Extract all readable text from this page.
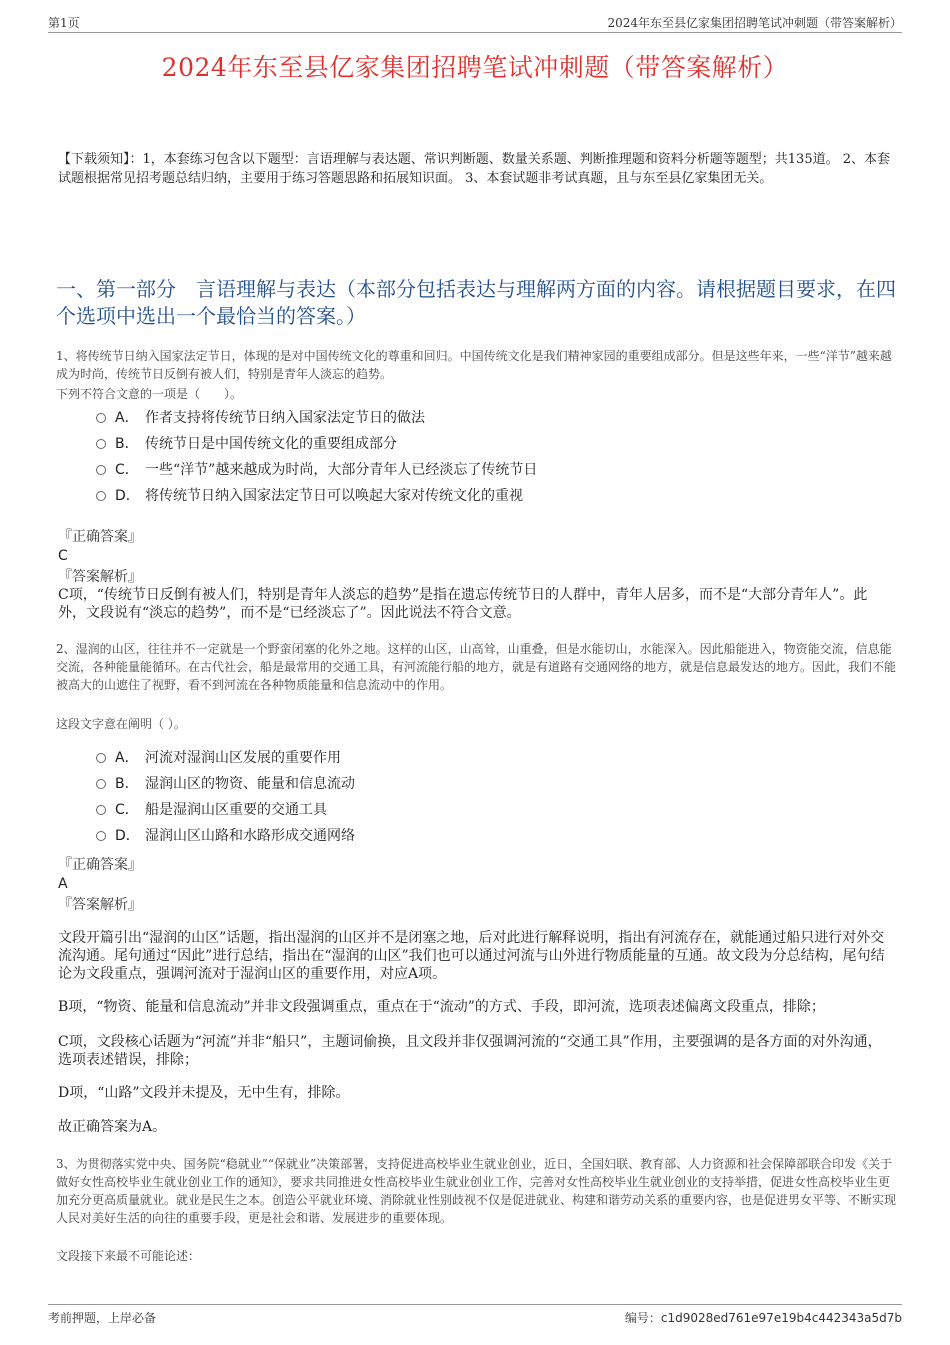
第1页	2024年东至县亿家集团招聘笔试冲刺题（带答案解析）
2024年东至县亿家集团招聘笔试冲刺题（带答案解析）
【下载须知】：1，本套练习包含以下题型：言语理解与表达题、常识判断题、数量关系题、判断推理题和资料分析题等题型；共135道。 2、本套试题根据常见招考题总结归纳，主要用于练习答题思路和拓展知识面。 3、本套试题非考试真题，且与东至县亿家集团无关。
一、第一部分　言语理解与表达（本部分包括表达与理解两方面的内容。请根据题目要求，在四个选项中选出一个最恰当的答案。）
1、将传统节日纳入国家法定节日，体现的是对中国传统文化的尊重和回归。中国传统文化是我们精神家园的重要组成部分。但是这些年来，一些“洋节”越来越成为时尚，传统节日反倒有被人们，特别是青年人淡忘的趋势。
下列不符合文意的一项是（　　）。
A． 作者支持将传统节日纳入国家法定节日的做法
B． 传统节日是中国传统文化的重要组成部分
C． 一些“洋节”越来越成为时尚，大部分青年人已经淡忘了传统节日
D． 将传统节日纳入国家法定节日可以唤起大家对传统文化的重视
『正确答案』
C
『答案解析』
C项，“传统节日反倒有被人们，特别是青年人淡忘的趋势”是指在遗忘传统节日的人群中，青年人居多，而不是“大部分青年人”。此外，文段说有“淡忘的趋势”，而不是“已经淡忘了”。因此说法不符合文意。
2、湿润的山区，往往并不一定就是一个野蛮闭塞的化外之地。这样的山区，山高耸，山重叠，但是水能切山，水能深入。因此船能进入，物资能交流，信息能交流，各种能量能循环。在古代社会，船是最常用的交通工具，有河流能行船的地方，就是有道路有交通网络的地方，就是信息最发达的地方。因此，我们不能被高大的山遮住了视野，看不到河流在各种物质能量和信息流动中的作用。
这段文字意在阐明（ ）。
A． 河流对湿润山区发展的重要作用
B． 湿润山区的物资、能量和信息流动
C． 船是湿润山区重要的交通工具
D． 湿润山区山路和水路形成交通网络
『正确答案』
A
『答案解析』
文段开篇引出“湿润的山区”话题，指出湿润的山区并不是闭塞之地，后对此进行解释说明，指出有河流存在，就能通过船只进行对外交流沟通。尾句通过“因此”进行总结，指出在“湿润的山区”我们也可以通过河流与山外进行物质能量的互通。故文段为分总结构，尾句结论为文段重点，强调河流对于湿润山区的重要作用，对应A项。
B项，“物资、能量和信息流动”并非文段强调重点，重点在于“流动”的方式、手段，即河流，选项表述偏离文段重点，排除；
C项，文段核心话题为“河流”并非“船只”，主题词偷换，且文段并非仅强调河流的“交通工具”作用，主要强调的是各方面的对外沟通，选项表述错误，排除；
D项，“山路”文段并未提及，无中生有，排除。
故正确答案为A。
3、为贯彻落实党中央、国务院“稳就业”“保就业”决策部署，支持促进高校毕业生就业创业，近日，全国妇联、教育部、人力资源和社会保障部联合印发《关于做好女性高校毕业生就业创业工作的通知》，要求共同推进女性高校毕业生就业创业工作，完善对女性高校毕业生就业创业的支持举措，促进女性高校毕业生更加充分更高质量就业。就业是民生之本。创造公平就业环境、消除就业性别歧视不仅是促进就业、构建和谐劳动关系的重要内容，也是促进男女平等、不断实现人民对美好生活的向往的重要手段，更是社会和谐、发展进步的重要体现。
文段接下来最不可能论述：
考前押题，上岸必备	编号：c1d9028ed761e97e19b4c442343a5d7b
